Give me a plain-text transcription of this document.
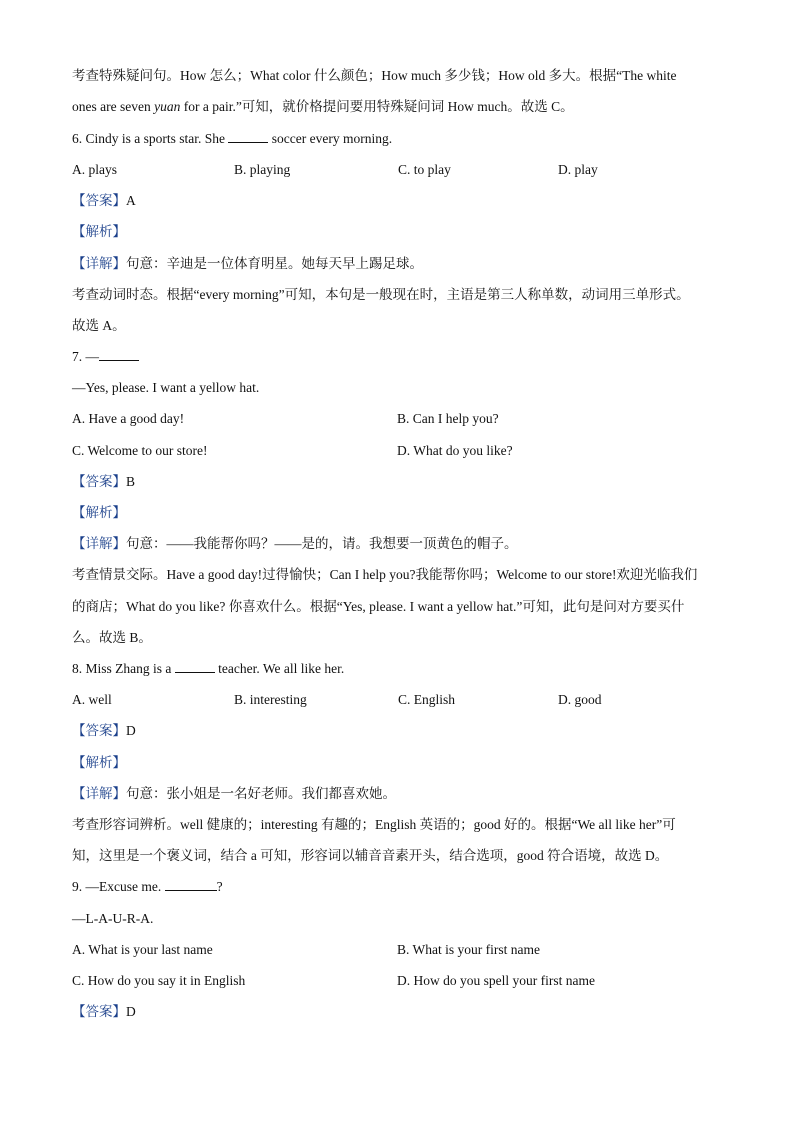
考查特殊疑问句。How 怎么；What color 什么颜色；How much 多少钱；How old 多大。根据“The white
ones are seven yuan for a pair.”可知，就价格提问要用特殊疑问词 How much。故选 C。
6. Cindy is a sports star. She	soccer every morning.
A. plays	B. playing	C. to play	D. play
【答案】A
【解析】
【详解】句意：辛迪是一位体育明星。她每天早上踢足球。
考查动词时态。根据“every morning”可知，本句是一般现在时，主语是第三人称单数，动词用三单形式。
故选 A。
7. —
—Yes, please. I want a yellow hat.
A. Have a good day!	B. Can I help you?
C. Welcome to our store!	D. What do you like?
【答案】B
【解析】
【详解】句意：——我能帮你吗？——是的，请。我想要一顶黄色的帽子。
考查情景交际。Have a good day!过得愉快；Can I help you?我能帮你吗；Welcome to our store!欢迎光临我们
的商店；What do you like? 你喜欢什么。根据“Yes, please. I want a yellow hat.”可知，此句是问对方要买什
么。故选 B。
8. Miss Zhang is a	teacher. We all like her.
A. well	B. interesting	C. English	D. good
【答案】D
【解析】
【详解】句意：张小姐是一名好老师。我们都喜欢她。
考查形容词辨析。well 健康的；interesting 有趣的；English 英语的；good 好的。根据“We all like her”可
知，这里是一个褒义词，结合 a 可知，形容词以辅音音素开头，结合选项，good 符合语境，故选 D。
9. —Excuse me.	?
—L-A-U-R-A.
A. What is your last name	B. What is your first name
C. How do you say it in English	D. How do you spell your first name
【答案】D
